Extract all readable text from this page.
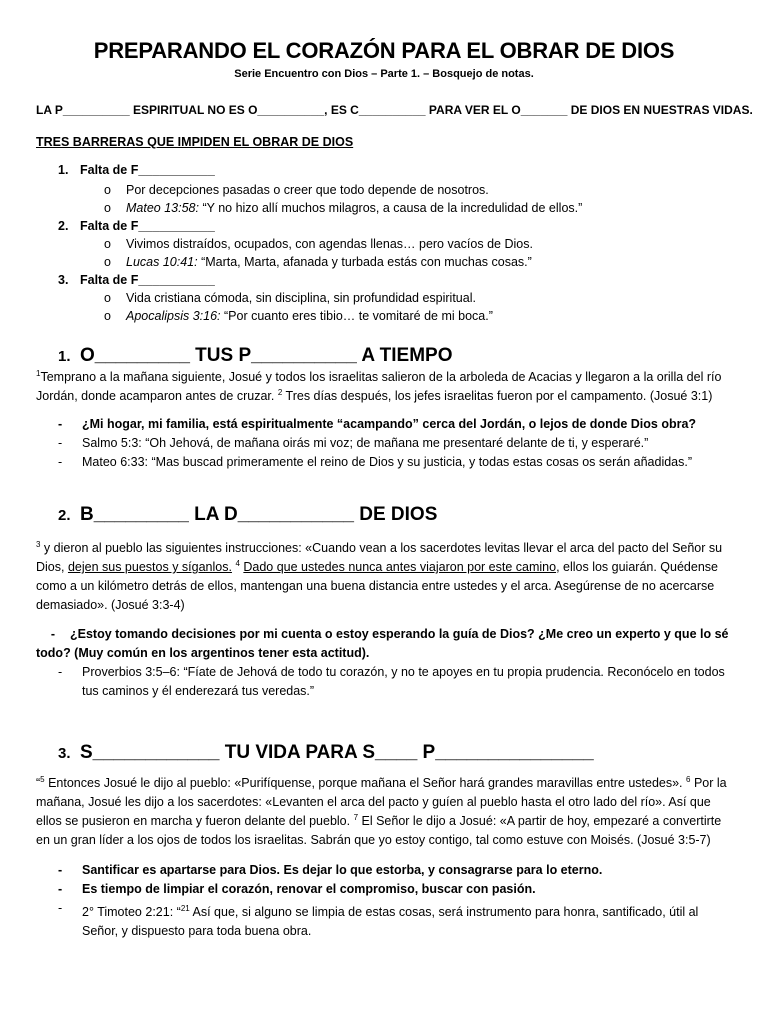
PREPARANDO EL CORAZÓN PARA EL OBRAR DE DIOS
Serie Encuentro con Dios – Parte 1. – Bosquejo de notas.
LA P__________ ESPIRITUAL NO ES O__________, ES C__________ PARA VER EL O_______ DE DIOS EN NUESTRAS VIDAS.
TRES BARRERAS QUE IMPIDEN EL OBRAR DE DIOS
1. Falta de F___________
o Por decepciones pasadas o creer que todo depende de nosotros.
o Mateo 13:58: “Y no hizo allí muchos milagros, a causa de la incredulidad de ellos.”
2. Falta de F___________
o Vivimos distraídos, ocupados, con agendas llenas… pero vacíos de Dios.
o Lucas 10:41: “Marta, Marta, afanada y turbada estás con muchas cosas.”
3. Falta de F___________
o Vida cristiana cómoda, sin disciplina, sin profundidad espiritual.
o Apocalipsis 3:16: “Por cuanto eres tibio… te vomitaré de mi boca.”
1. O_________ TUS P__________ A TIEMPO
$^1$Temprano a la mañana siguiente, Josué y todos los israelitas salieron de la arboleda de Acacias y llegaron a la orilla del río Jordán, donde acamparon antes de cruzar. $^2$ Tres días después, los jefes israelitas fueron por el campamento. (Josué 3:1)
- ¿Mi hogar, mi familia, está espiritualmente “acampando” cerca del Jordán, o lejos de donde Dios obra?
- Salmo 5:3: “Oh Jehová, de mañana oirás mi voz; de mañana me presentaré delante de ti, y esperaré.”
- Mateo 6:33: “Mas buscad primeramente el reino de Dios y su justicia, y todas estas cosas os serán añadidas.”
2. B_________ LA D___________ DE DIOS
$^3$ y dieron al pueblo las siguientes instrucciones: «Cuando vean a los sacerdotes levitas llevar el arca del pacto del Señor su Dios, dejen sus puestos y síganlos. $^4$ Dado que ustedes nunca antes viajaron por este camino, ellos los guiarán. Quédense como a un kilómetro detrás de ellos, mantengan una buena distancia entre ustedes y el arca. Asegúrense de no acercarse demasiado». (Josué 3:3-4)
- ¿Estoy tomando decisiones por mi cuenta o estoy esperando la guía de Dios? ¿Me creo un experto y que lo sé todo? (Muy común en los argentinos tener esta actitud).
- Proverbios 3:5–6: “Fíate de Jehová de todo tu corazón, y no te apoyes en tu propia prudencia. Reconócelo en todos tus caminos y él enderezará tus veredas.”
3. S____________ TU VIDA PARA S____ P_______________
“$^5$ Entonces Josué le dijo al pueblo: «Purifíquense, porque mañana el Señor hará grandes maravillas entre ustedes». $^6$ Por la mañana, Josué les dijo a los sacerdotes: «Levanten el arca del pacto y guíen al pueblo hasta el otro lado del río». Así que ellos se pusieron en marcha y fueron delante del pueblo. $^7$ El Señor le dijo a Josué: «A partir de hoy, empezaré a convertirte en un gran líder a los ojos de todos los israelitas. Sabrán que yo estoy contigo, tal como estuve con Moisés. (Josué 3:5-7)
- Santificar es apartarse para Dios. Es dejar lo que estorba, y consagrarse para lo eterno.
- Es tiempo de limpiar el corazón, renovar el compromiso, buscar con pasión.
- 2° Timoteo 2:21: “$^{21}$ Así que, si alguno se limpia de estas cosas, será instrumento para honra, santificado, útil al Señor, y dispuesto para toda buena obra.
